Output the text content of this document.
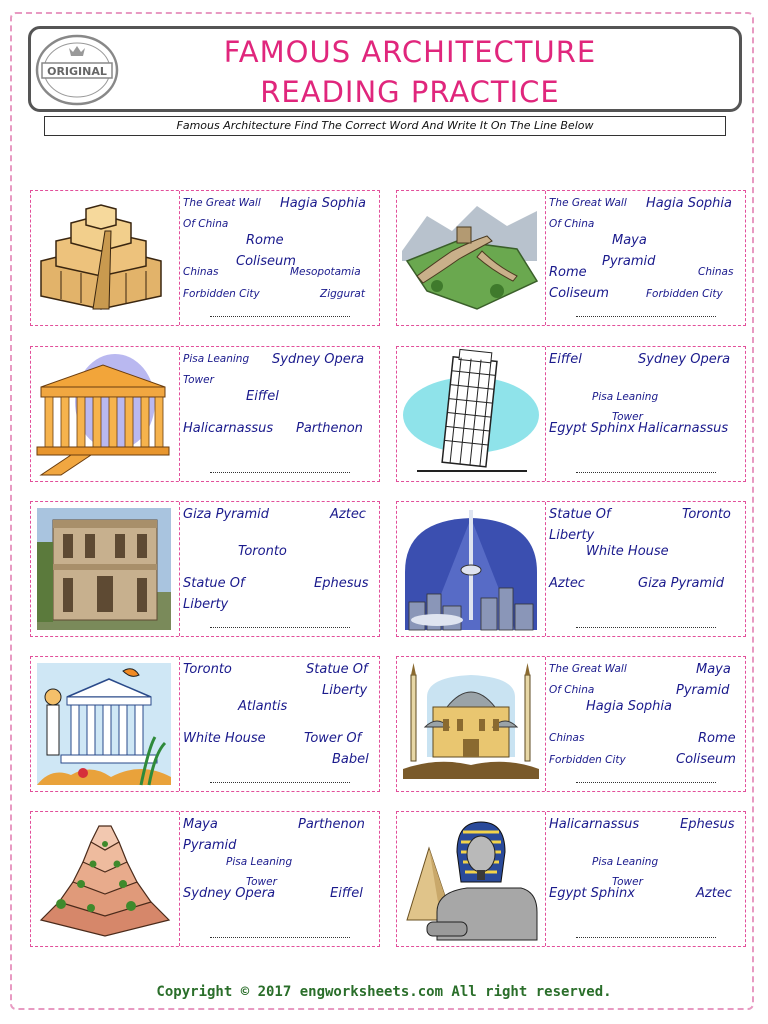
ORIGINAL
FAMOUS ARCHITECTURE
READING PRACTICE
Famous Architecture Find The Correct Word And Write It On The Line Below
The Great Wall Hagia Sophia
Of China
Rome
Coliseum
Chinas	Mesopotamia
Forbidden City	Ziggurat
The Great Wall Hagia Sophia
Of China
Maya
Pyramid
Rome	Chinas
Coliseum	Forbidden City
Pisa Leaning Sydney Opera
Tower
Eiffel
Halicarnassus Parthenon
Eiffel	Sydney Opera
Pisa Leaning
Tower
Egypt Sphinx Halicarnassus
Giza Pyramid	Aztec
Toronto
Statue Of	Ephesus
Liberty
Statue Of	Toronto
Liberty
White House
Aztec	Giza Pyramid
Toronto	Statue Of
Liberty
Atlantis
White House	Tower Of
Babel
The Great Wall	Maya
Of China	Pyramid
Hagia Sophia
Chinas	Rome
Forbidden City	Coliseum
Maya	Parthenon
Pyramid
Pisa Leaning
Tower
Sydney Opera	Eiffel
Halicarnassus	Ephesus
Pisa Leaning
Tower
Egypt Sphinx	Aztec
Copyright © 2017 engworksheets.com All right reserved.
